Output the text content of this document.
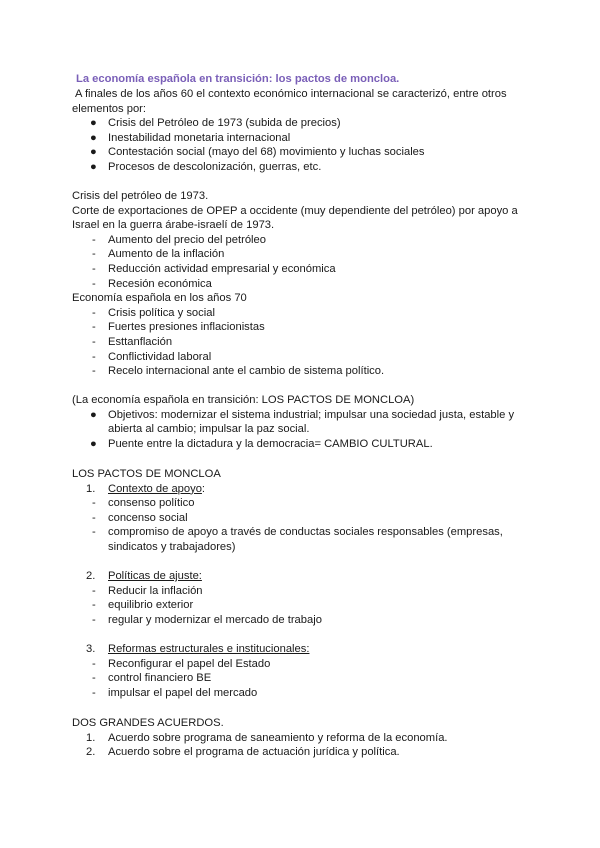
La economía española en transición: los pactos de moncloa.
A finales de los años 60 el contexto económico internacional se caracterizó, entre otros
elementos por:
●	Crisis del Petróleo de 1973 (subida de precios)
●	Inestabilidad monetaria internacional
●	Contestación social (mayo del 68) movimiento y luchas sociales
●	Procesos de descolonización, guerras, etc.
Crisis del petróleo de 1973.
Corte de exportaciones de OPEP a occidente (muy dependiente del petróleo) por apoyo a
Israel en la guerra árabe-israelí de 1973.
-	Aumento del precio del petróleo
-	Aumento de la inflación
-	Reducción actividad empresarial y económica
-	Recesión económica
Economía española en los años 70
-	Crisis política y social
-	Fuertes presiones inflacionistas
-	Esttanflación
-	Conflictividad laboral
-	Recelo internacional ante el cambio de sistema político.
(La economía española en transición: LOS PACTOS DE MONCLOA)
●	Objetivos: modernizar el sistema industrial; impulsar una sociedad justa, estable y
abierta al cambio; impulsar la paz social.
●	Puente entre la dictadura y la democracia= CAMBIO CULTURAL.
LOS PACTOS DE MONCLOA
1.	Contexto de apoyo:
-	consenso político
-	concenso social
-	compromiso de apoyo a través de conductas sociales responsables (empresas,
sindicatos y trabajadores)
2.	Políticas de ajuste:
-	Reducir la inflación
-	equilibrio exterior
-	regular y modernizar el mercado de trabajo
3.	Reformas estructurales e institucionales:
-	Reconfigurar el papel del Estado
-	control financiero BE
-	impulsar el papel del mercado
DOS GRANDES ACUERDOS.
1.	Acuerdo sobre programa de saneamiento y reforma de la economía.
2.	Acuerdo sobre el programa de actuación jurídica y política.
